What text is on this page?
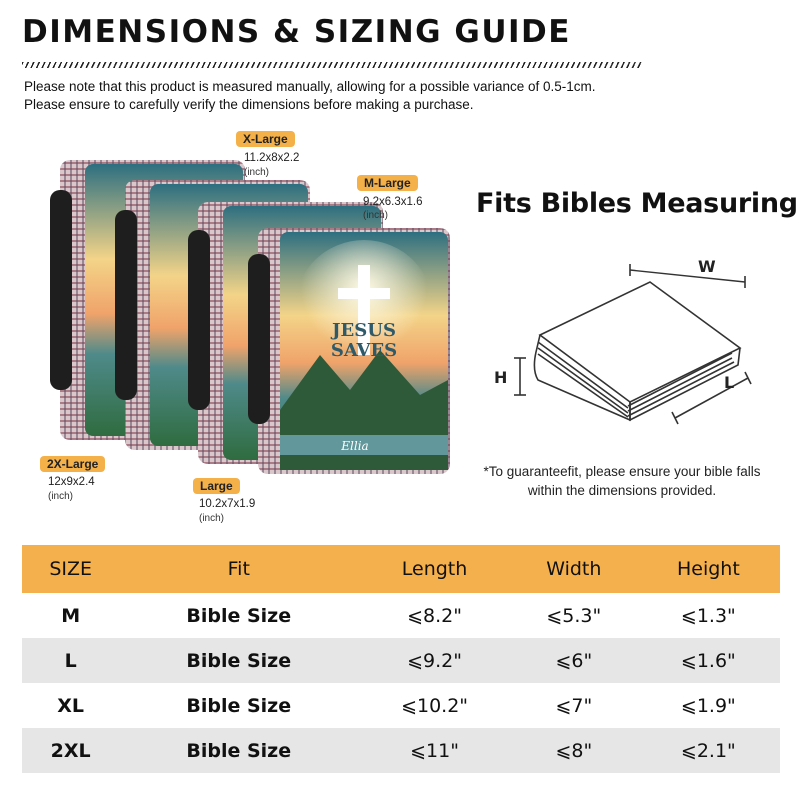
DIMENSIONS & SIZING GUIDE
Please note that this product is measured manually, allowing for a possible variance of 0.5-1cm.
Please ensure to carefully verify the dimensions before making a purchase.
JESUS
SAVES
Ellia
X-Large
11.2x8x2.2
(inch)
M-Large
9.2x6.3x1.6
(inch)
2X-Large
12x9x2.4
(inch)
Large
10.2x7x1.9
(inch)
Fits Bibles Measuring
W
H	L
*To guaranteefit, please ensure your bible falls
within the dimensions provided.
SIZE	Fit	Length	Width	Height
M	Bible Size	⩽8.2"	⩽5.3"	⩽1.3"
L	Bible Size	⩽9.2"	⩽6"	⩽1.6"
XL	Bible Size	⩽10.2"	⩽7"	⩽1.9"
2XL	Bible Size	⩽11"	⩽8"	⩽2.1"
